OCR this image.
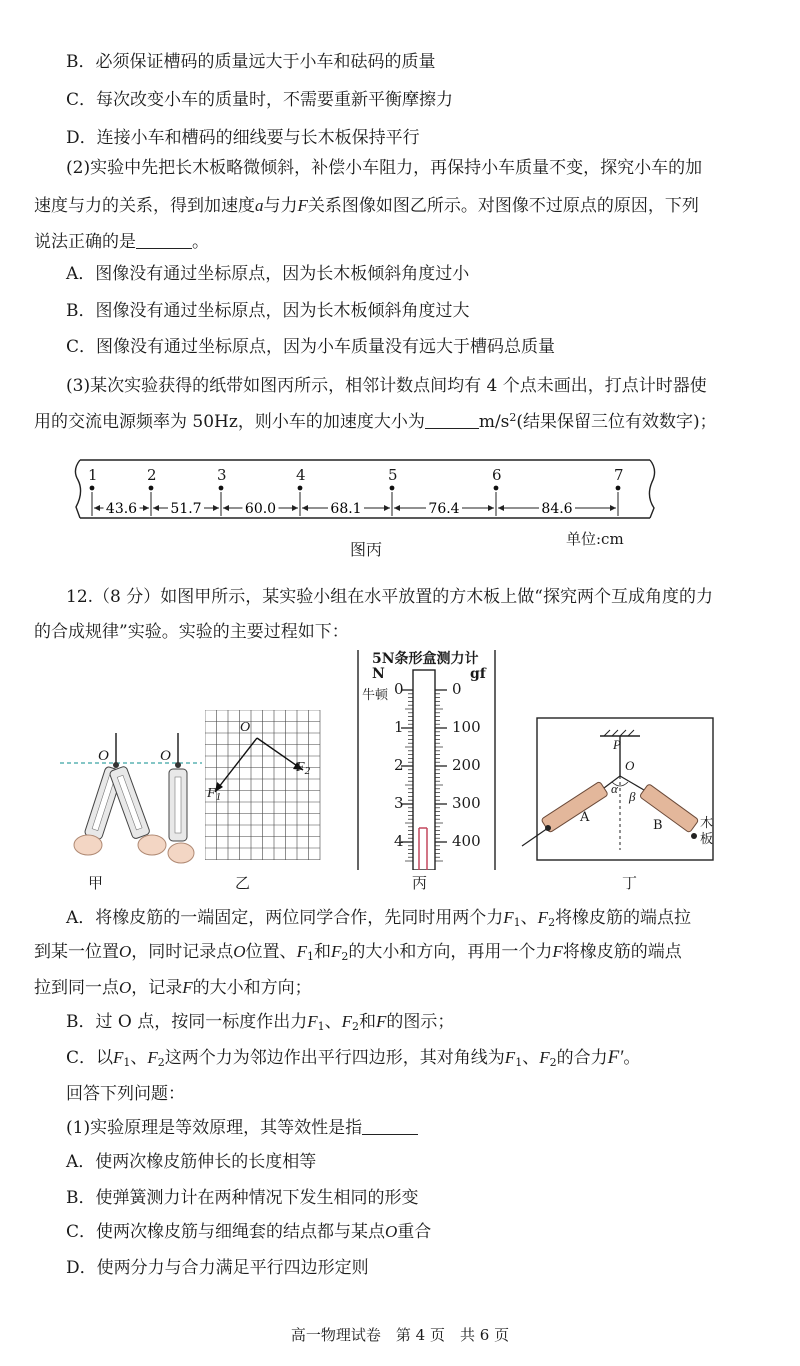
B．必须保证槽码的质量远大于小车和砝码的质量
C．每次改变小车的质量时，不需要重新平衡摩擦力
D．连接小车和槽码的细线要与长木板保持平行
(2)实验中先把长木板略微倾斜，补偿小车阻力，再保持小车质量不变，探究小车的加
速度与力的关系，得到加速度a与力F关系图像如图乙所示。对图像不过原点的原因，下列
说法正确的是	。
A．图像没有通过坐标原点，因为长木板倾斜角度过小
B．图像没有通过坐标原点，因为长木板倾斜角度过大
C．图像没有通过坐标原点，因为小车质量没有远大于槽码总质量
(3)某次实验获得的纸带如图丙所示，相邻计数点间均有 4 个点未画出，打点计时器使
用的交流电源频率为 50Hz，则小车的加速度大小为	$m/s^2$(结果保留三位有效数字)；
43.6 51.7	60.0	68.1	76.4	84.6
1	2	3	4	5	6	7
图丙
单位:cm
12.（8 分）如图甲所示，某实验小组在水平放置的方木板上做“探究两个互成角度的力
的合成规律”实验。实验的主要过程如下：
O	O
甲
O
$F_1$
$F_2$
乙
5N条形盒测力计
N	gf
牛顿 0
1
2
3
4
0
100
200
300
400
丙
P
O
α
β
A
B	木板
丁
A．将橡皮筋的一端固定，两位同学合作，先同时用两个力$F_1$、$F_2$将橡皮筋的端点拉
到某一位置O，同时记录点O位置、$F_1$和$F_2$的大小和方向，再用一个力F将橡皮筋的端点
拉到同一点O，记录F的大小和方向；
B．过 O 点，按同一标度作出力$F_1$、$F_2$和F的图示；
C．以$F_1$、$F_2$这两个力为邻边作出平行四边形，其对角线为$F_1$、$F_2$的合力F′。
回答下列问题：
(1)实验原理是等效原理，其等效性是指
A．使两次橡皮筋伸长的长度相等
B．使弹簧测力计在两种情况下发生相同的形变
C．使两次橡皮筋与细绳套的结点都与某点O重合
D．使两分力与合力满足平行四边形定则
高一物理试卷　第 4 页　共 6 页
